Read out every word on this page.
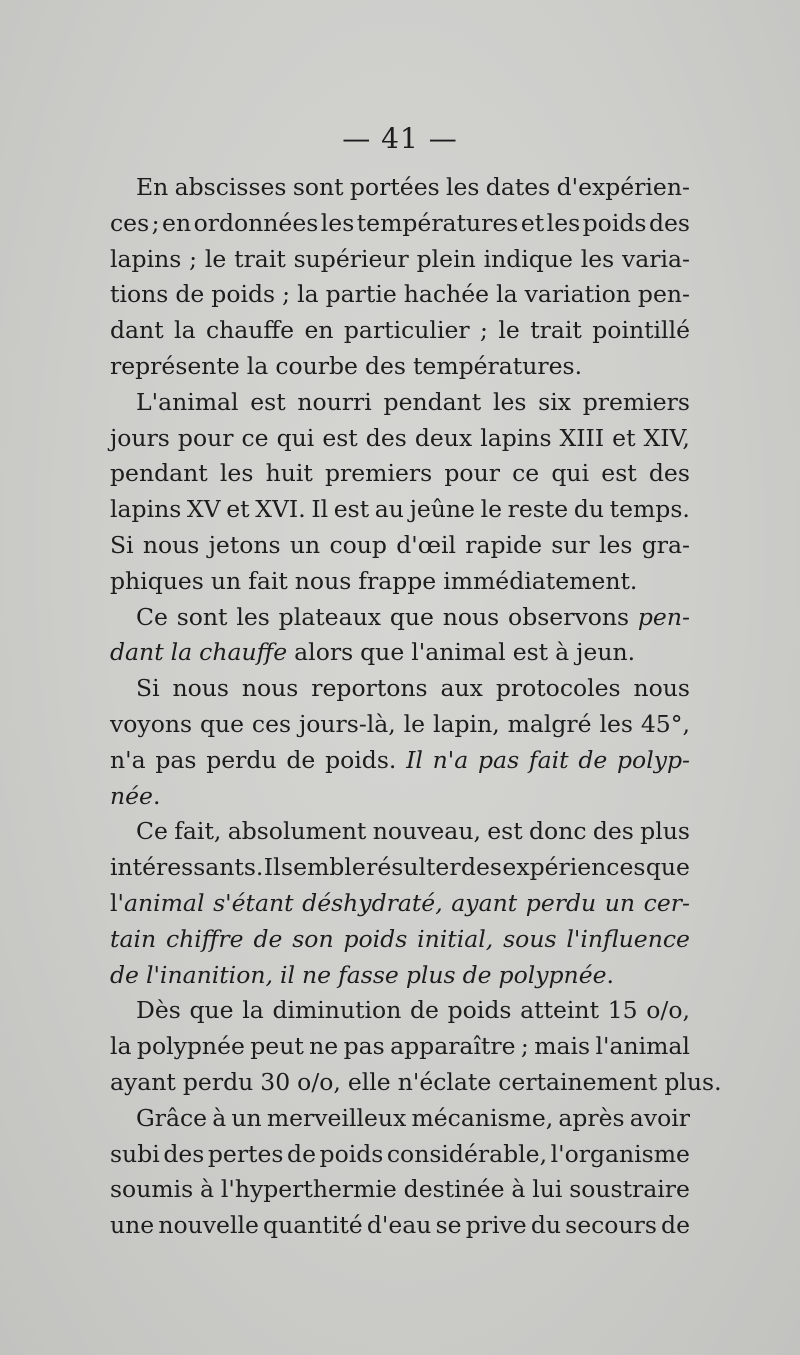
— 41 —
En abscisses sont portées les dates d'expérien-
ces ; en ordonnées les températures et les poids des
lapins ; le trait supérieur plein indique les varia-
tions de poids ; la partie hachée la variation pen-
dant la chauffe en particulier ; le trait pointillé
représente la courbe des températures.
L'animal est nourri pendant les six premiers
jours pour ce qui est des deux lapins XIII et XIV,
pendant les huit premiers pour ce qui est des
lapins XV et XVI. Il est au jeûne le reste du temps.
Si nous jetons un coup d'œil rapide sur les gra-
phiques un fait nous frappe immédiatement.
Ce sont les plateaux que nous observons pen-
dant la chauffe alors que l'animal est à jeun.
Si nous nous reportons aux protocoles nous
voyons que ces jours-là, le lapin, malgré les 45°,
n'a pas perdu de poids. Il n'a pas fait de polyp-
née.
Ce fait, absolument nouveau, est donc des plus
intéressants. Il semble résulter des expériences que
l'animal s'étant déshydraté, ayant perdu un cer-
tain chiffre de son poids initial, sous l'influence
de l'inanition, il ne fasse plus de polypnée.
Dès que la diminution de poids atteint 15 o/o,
la polypnée peut ne pas apparaître ; mais l'animal
ayant perdu 30 o/o, elle n'éclate certainement plus.
Grâce à un merveilleux mécanisme, après avoir
subi des pertes de poids considérable, l'organisme
soumis à l'hyperthermie destinée à lui soustraire
une nouvelle quantité d'eau se prive du secours de
